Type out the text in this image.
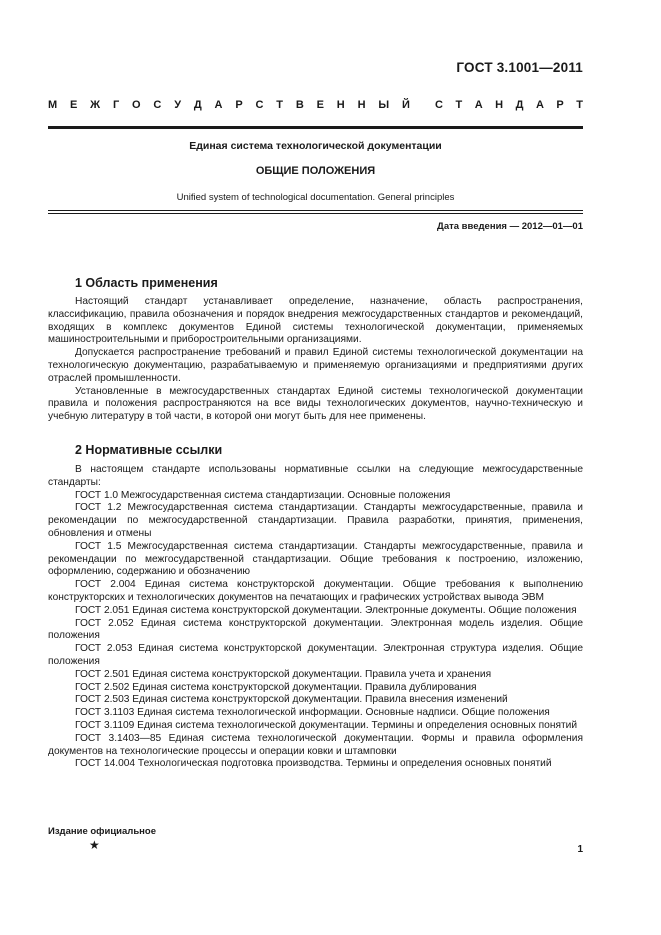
ГОСТ 3.1001—2011
М Е Ж Г О С У Д А Р С Т В Е Н Н Ы Й С Т А Н Д А Р Т
Единая система технологической документации
ОБЩИЕ ПОЛОЖЕНИЯ
Unified system of technological documentation. General principles
Дата введения — 2012—01—01
1 Область применения

Настоящий стандарт устанавливает определение, назначение, область распространения, классификацию, правила обозначения и порядок внедрения межгосударственных стандартов и рекомендаций, входящих в комплекс документов Единой системы технологической документации, применяемых машиностроительными и приборостроительными организациями.

Допускается распространение требований и правил Единой системы технологической документации на технологическую документацию, разрабатываемую и применяемую организациями и предприятиями других отраслей промышленности.

Установленные в межгосударственных стандартах Единой системы технологической документации правила и положения распространяются на все виды технологических документов, научно-техническую и учебную литературу в той части, в которой они могут быть для нее применены.

2 Нормативные ссылки

В настоящем стандарте использованы нормативные ссылки на следующие межгосударственные стандарты:

ГОСТ 1.0 Межгосударственная система стандартизации. Основные положения

ГОСТ 1.2 Межгосударственная система стандартизации. Стандарты межгосударственные, правила и рекомендации по межгосударственной стандартизации. Правила разработки, принятия, применения, обновления и отмены

ГОСТ 1.5 Межгосударственная система стандартизации. Стандарты межгосударственные, правила и рекомендации по межгосударственной стандартизации. Общие требования к построению, изложению, оформлению, содержанию и обозначению

ГОСТ 2.004 Единая система конструкторской документации. Общие требования к выполнению конструкторских и технологических документов на печатающих и графических устройствах вывода ЭВМ

ГОСТ 2.051 Единая система конструкторской документации. Электронные документы. Общие положения

ГОСТ 2.052 Единая система конструкторской документации. Электронная модель изделия. Общие положения

ГОСТ 2.053 Единая система конструкторской документации. Электронная структура изделия. Общие положения

ГОСТ 2.501 Единая система конструкторской документации. Правила учета и хранения

ГОСТ 2.502 Единая система конструкторской документации. Правила дублирования

ГОСТ 2.503 Единая система конструкторской документации. Правила внесения изменений

ГОСТ 3.1103 Единая система технологической информации. Основные надписи. Общие положения

ГОСТ 3.1109 Единая система технологической документации. Термины и определения основных понятий

ГОСТ 3.1403—85 Единая система технологической документации. Формы и правила оформления документов на технологические процессы и операции ковки и штамповки

ГОСТ 14.004 Технологическая подготовка производства. Термины и определения основных понятий

Издание официальное
★	1
